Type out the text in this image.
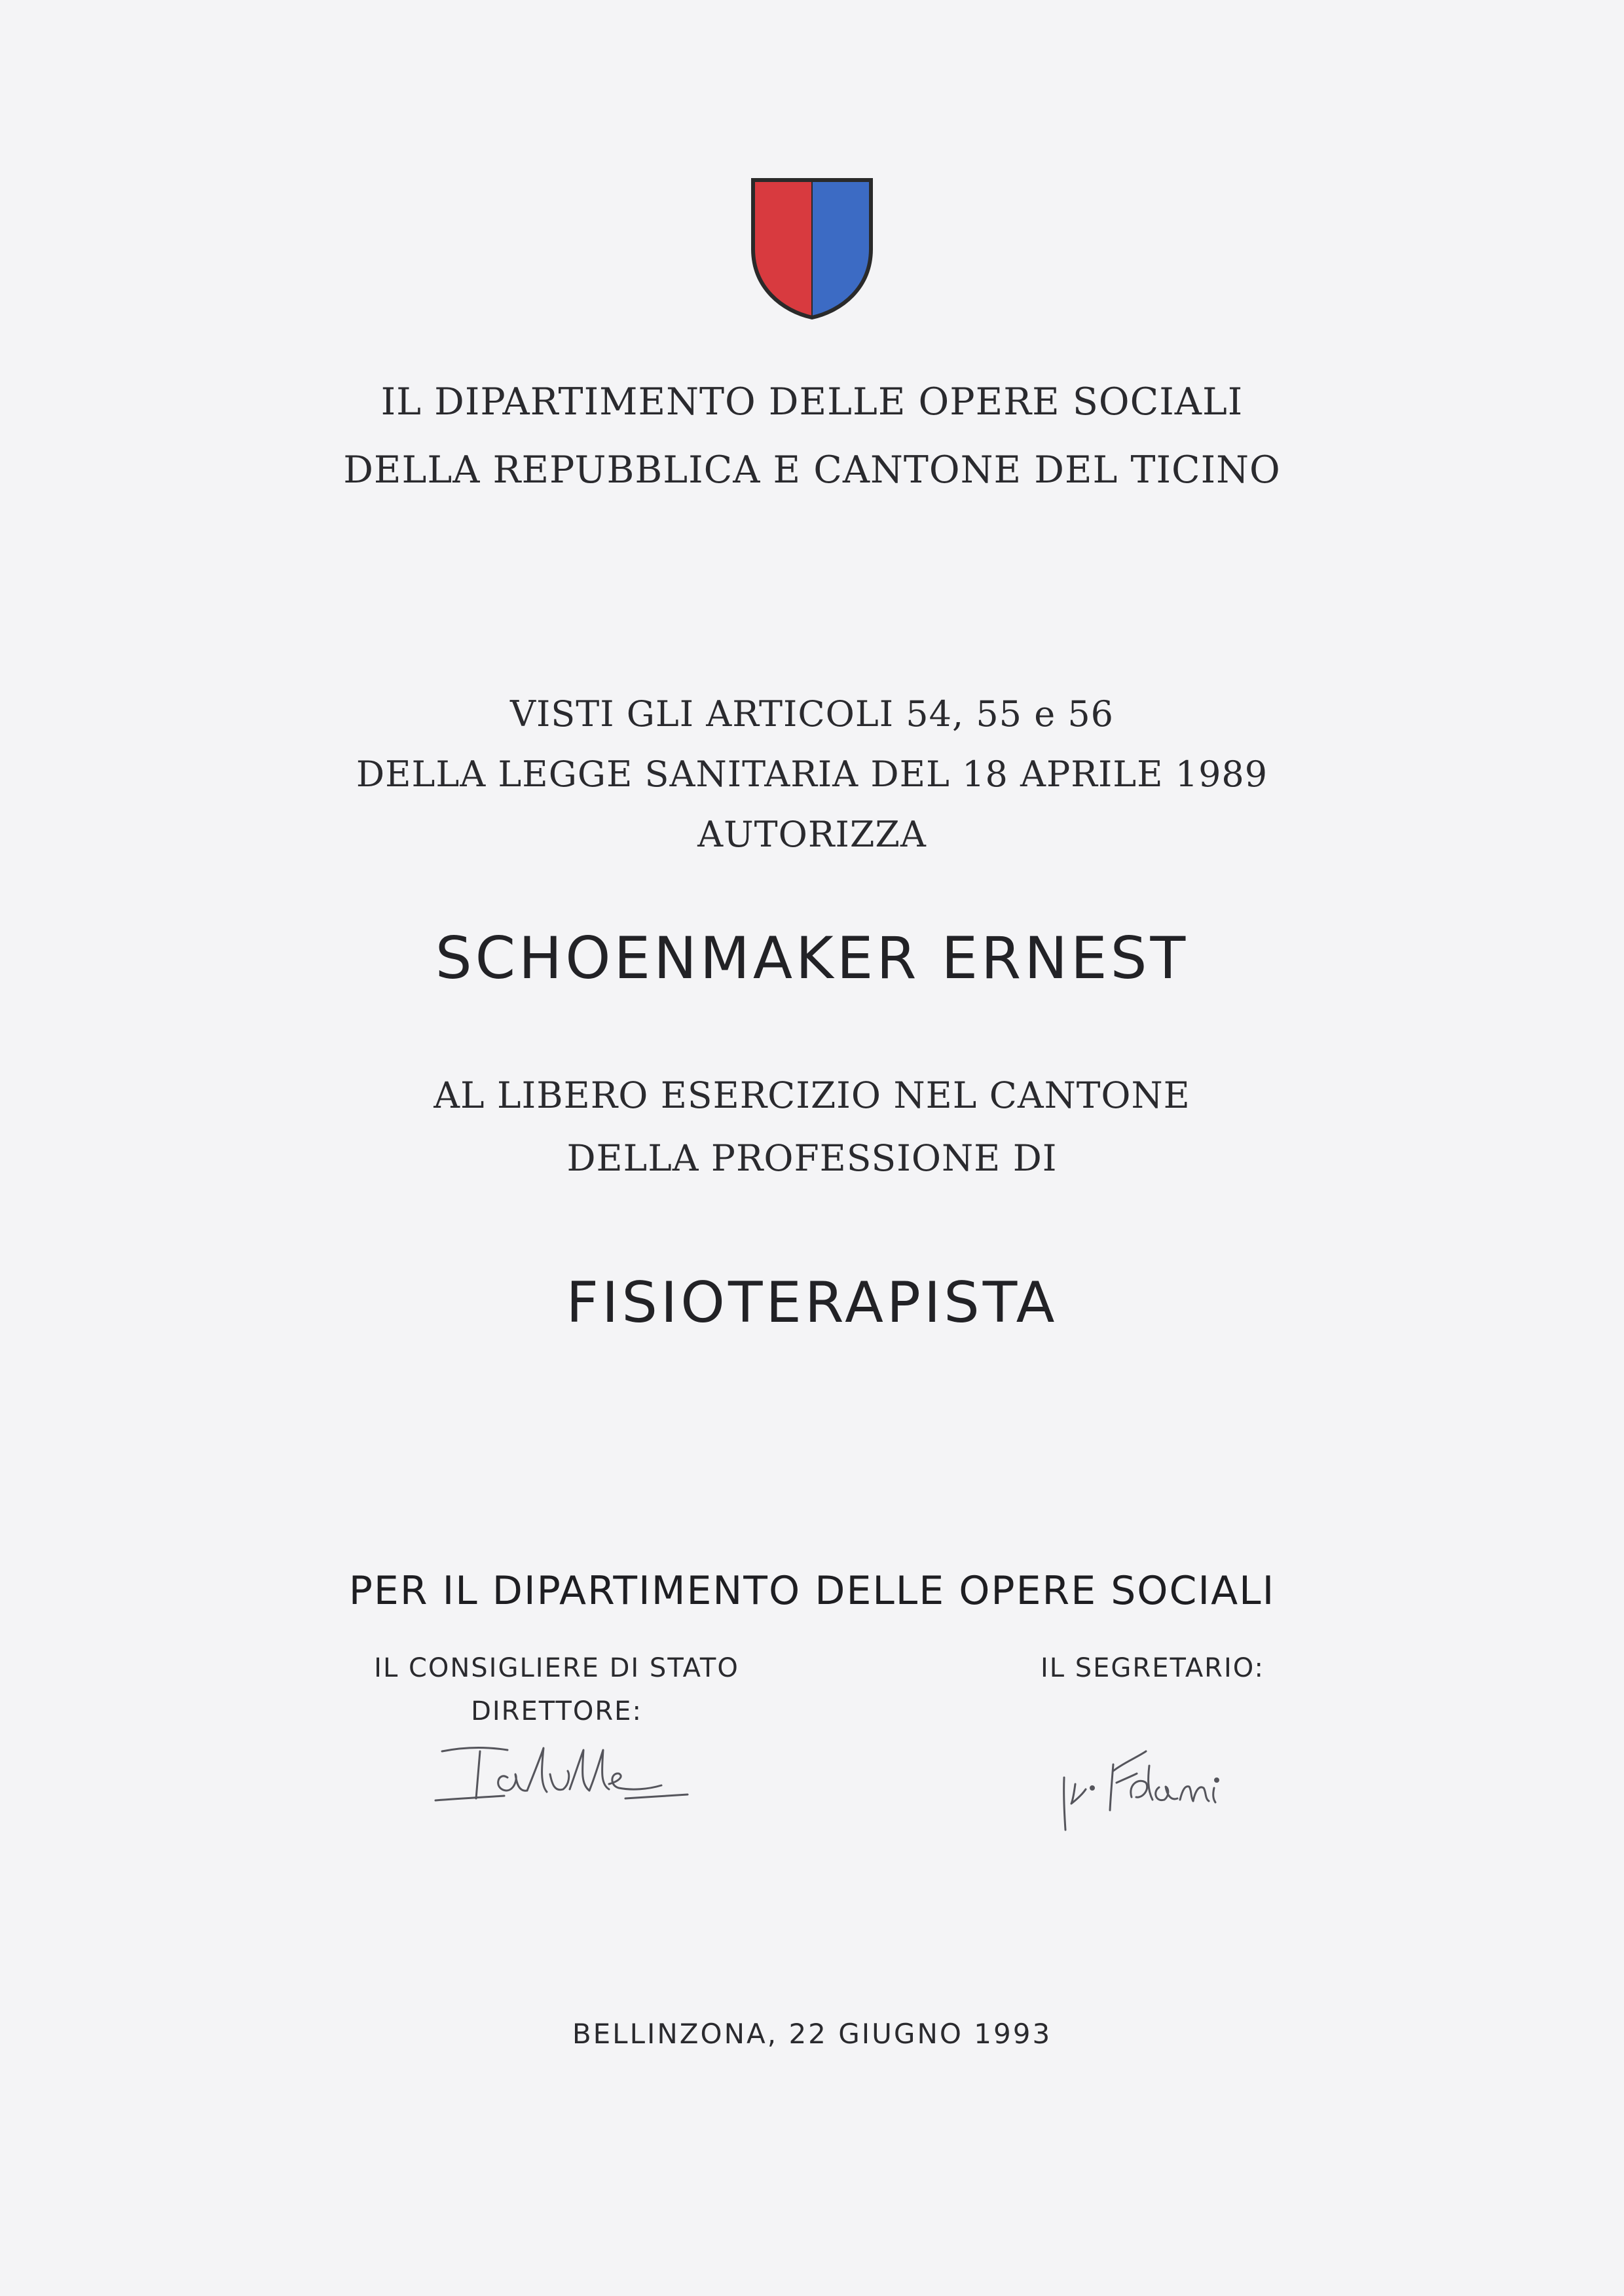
IL DIPARTIMENTO DELLE OPERE SOCIALI
DELLA REPUBBLICA E CANTONE DEL TICINO
VISTI GLI ARTICOLI 54, 55 e 56
DELLA LEGGE SANITARIA DEL 18 APRILE 1989
AUTORIZZA
SCHOENMAKER ERNEST
AL LIBERO ESERCIZIO NEL CANTONE
DELLA PROFESSIONE DI
FISIOTERAPISTA
PER IL DIPARTIMENTO DELLE OPERE SOCIALI
IL CONSIGLIERE DI STATO
DIRETTORE:
IL SEGRETARIO:
BELLINZONA, 22 GIUGNO 1993
